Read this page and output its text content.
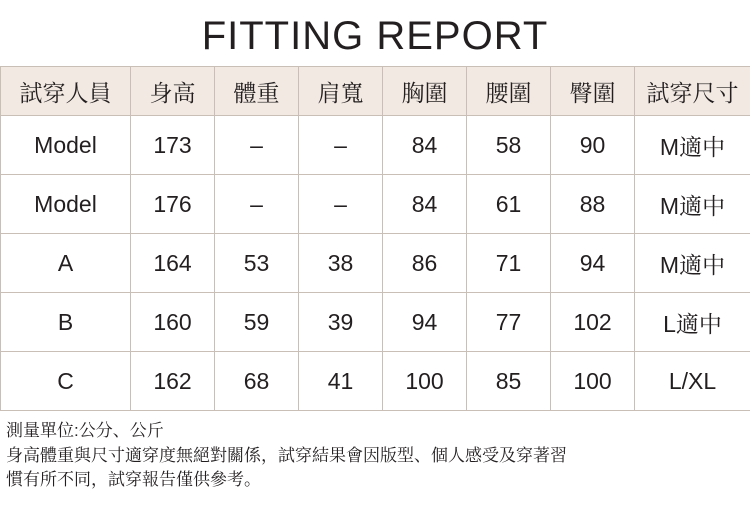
FITTING REPORT
試穿人員	身高	體重	肩寬	胸圍	腰圍	臀圍	試穿尺寸
Model	173	–	–	84	58	90	M適中
Model	176	–	–	84	61	88	M適中
A	164	53	38	86	71	94	M適中
B	160	59	39	94	77	102	L適中
C	162	68	41	100	85	100	L/XL
測量單位:公分、公斤
身高體重與尺寸適穿度無絕對關係，試穿結果會因版型、個人感受及穿著習
慣有所不同，試穿報告僅供參考。
